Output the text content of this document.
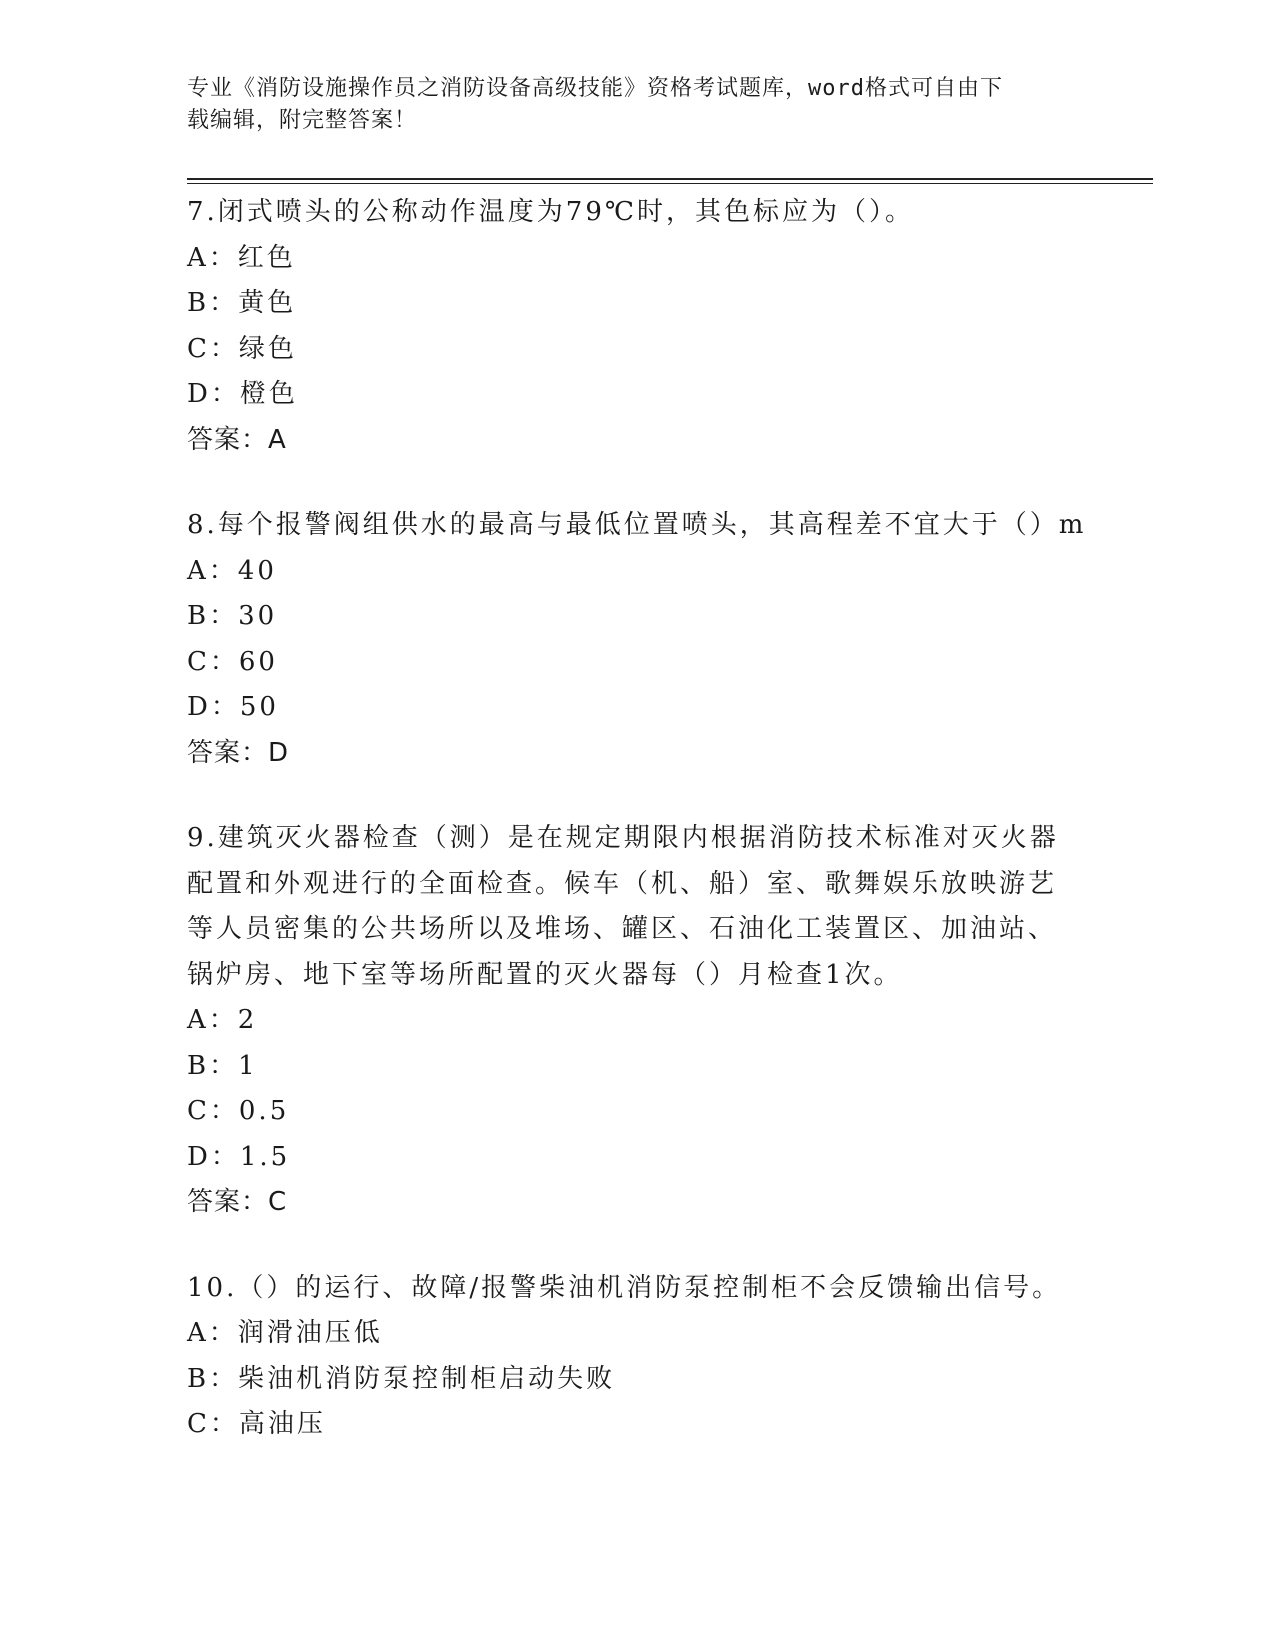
专业《消防设施操作员之消防设备高级技能》资格考试题库，word格式可自由下
载编辑，附完整答案！
7.闭式喷头的公称动作温度为79℃时，其色标应为（）。
A：红色
B：黄色
C：绿色
D：橙色
答案：A
8.每个报警阀组供水的最高与最低位置喷头，其高程差不宜大于（）m
A：40
B：30
C：60
D：50
答案：D
9.建筑灭火器检查（测）是在规定期限内根据消防技术标准对灭火器
配置和外观进行的全面检查。候车（机、船）室、歌舞娱乐放映游艺
等人员密集的公共场所以及堆场、罐区、石油化工装置区、加油站、
锅炉房、地下室等场所配置的灭火器每（）月检查1次。
A：2
B：1
C：0.5
D：1.5
答案：C
10.（）的运行、故障/报警柴油机消防泵控制柜不会反馈输出信号。
A：润滑油压低
B：柴油机消防泵控制柜启动失败
C：高油压
